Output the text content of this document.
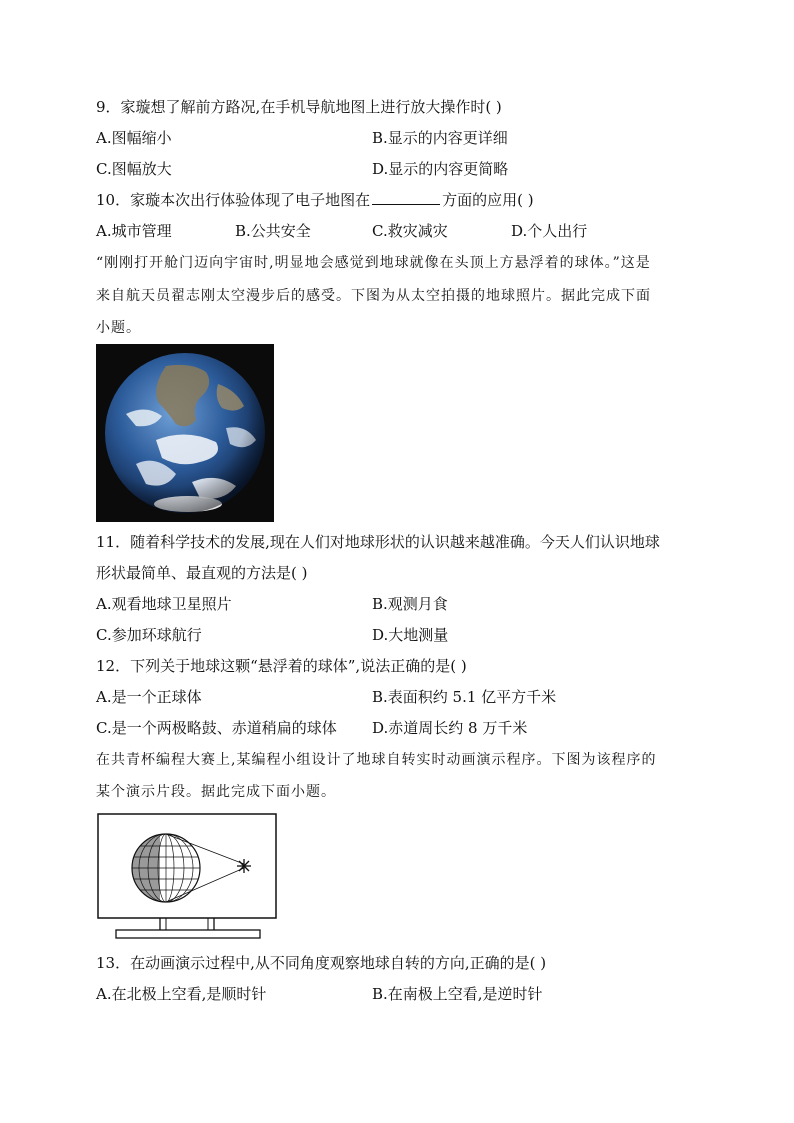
9．家璇想了解前方路况,在手机导航地图上进行放大操作时( )
A.图幅缩小	B.显示的内容更详细
C.图幅放大	D.显示的内容更简略
10．家璇本次出行体验体现了电子地图在	方面的应用( )
A.城市管理	B.公共安全	C.救灾减灾	D.个人出行
“刚刚打开舱门迈向宇宙时,明显地会感觉到地球就像在头顶上方悬浮着的球体。”这是
来自航天员翟志刚太空漫步后的感受。下图为从太空拍摄的地球照片。据此完成下面
小题。
11．随着科学技术的发展,现在人们对地球形状的认识越来越准确。今天人们认识地球
形状最简单、最直观的方法是( )
A.观看地球卫星照片	B.观测月食
C.参加环球航行	D.大地测量
12．下列关于地球这颗“悬浮着的球体”,说法正确的是( )
A.是一个正球体	B.表面积约 5.1 亿平方千米
C.是一个两极略鼓、赤道稍扁的球体 D.赤道周长约 8 万千米
在共青杯编程大赛上,某编程小组设计了地球自转实时动画演示程序。下图为该程序的
某个演示片段。据此完成下面小题。
13．在动画演示过程中,从不同角度观察地球自转的方向,正确的是( )
A.在北极上空看,是顺时针	B.在南极上空看,是逆时针
